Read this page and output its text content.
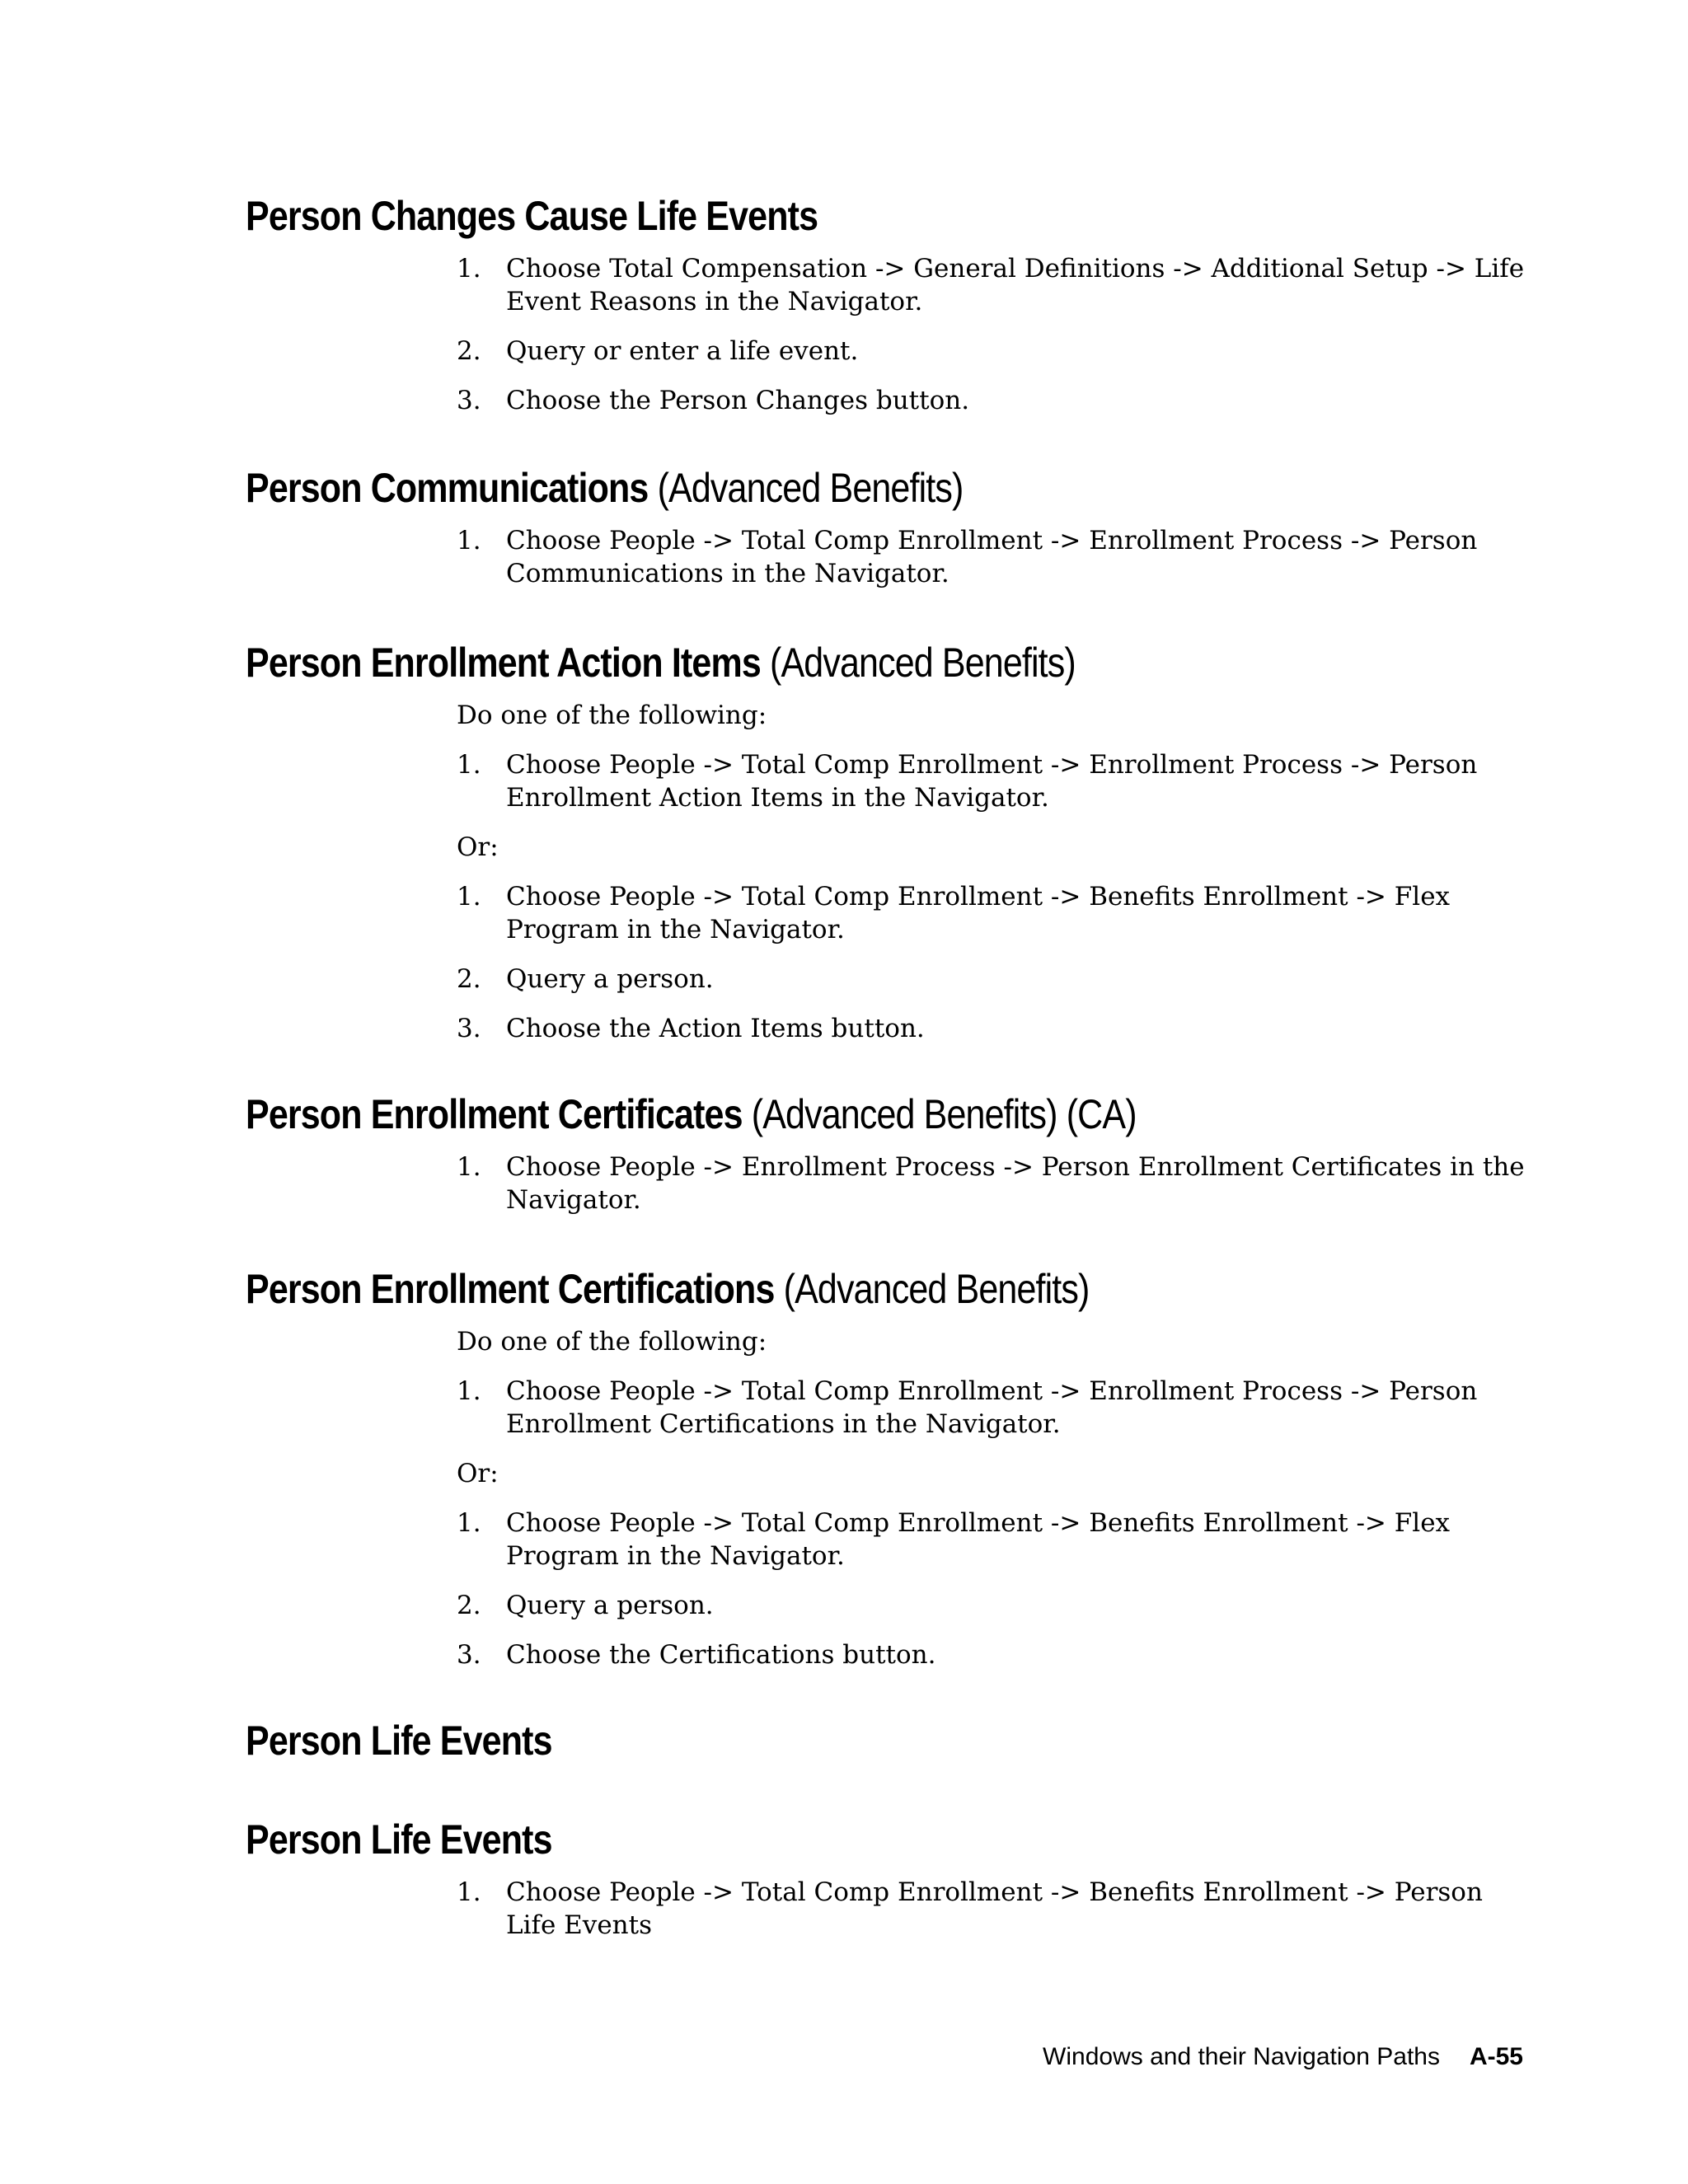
Person Changes Cause Life Events
1. Choose Total Compensation -> General Definitions -> Additional Setup -> Life Event Reasons in the Navigator.
2. Query or enter a life event.
3. Choose the Person Changes button.
Person Communications (Advanced Benefits)
1. Choose People -> Total Comp Enrollment -> Enrollment Process -> Person Communications in the Navigator.
Person Enrollment Action Items (Advanced Benefits)

Do one of the following:

1. Choose People -> Total Comp Enrollment -> Enrollment Process -> Person Enrollment Action Items in the Navigator.

Or:

1. Choose People -> Total Comp Enrollment -> Benefits Enrollment -> Flex Program in the Navigator.
2. Query a person.
3. Choose the Action Items button.
Person Enrollment Certificates (Advanced Benefits) (CA)
1. Choose People -> Enrollment Process -> Person Enrollment Certificates in the Navigator.
Person Enrollment Certifications (Advanced Benefits)

Do one of the following:

1. Choose People -> Total Comp Enrollment -> Enrollment Process -> Person Enrollment Certifications in the Navigator.

Or:

1. Choose People -> Total Comp Enrollment -> Benefits Enrollment -> Flex Program in the Navigator.
2. Query a person.
3. Choose the Certifications button.
Person Life Events
Person Life Events
1. Choose People -> Total Comp Enrollment -> Benefits Enrollment -> Person Life Events
Windows and their Navigation Paths A-55
